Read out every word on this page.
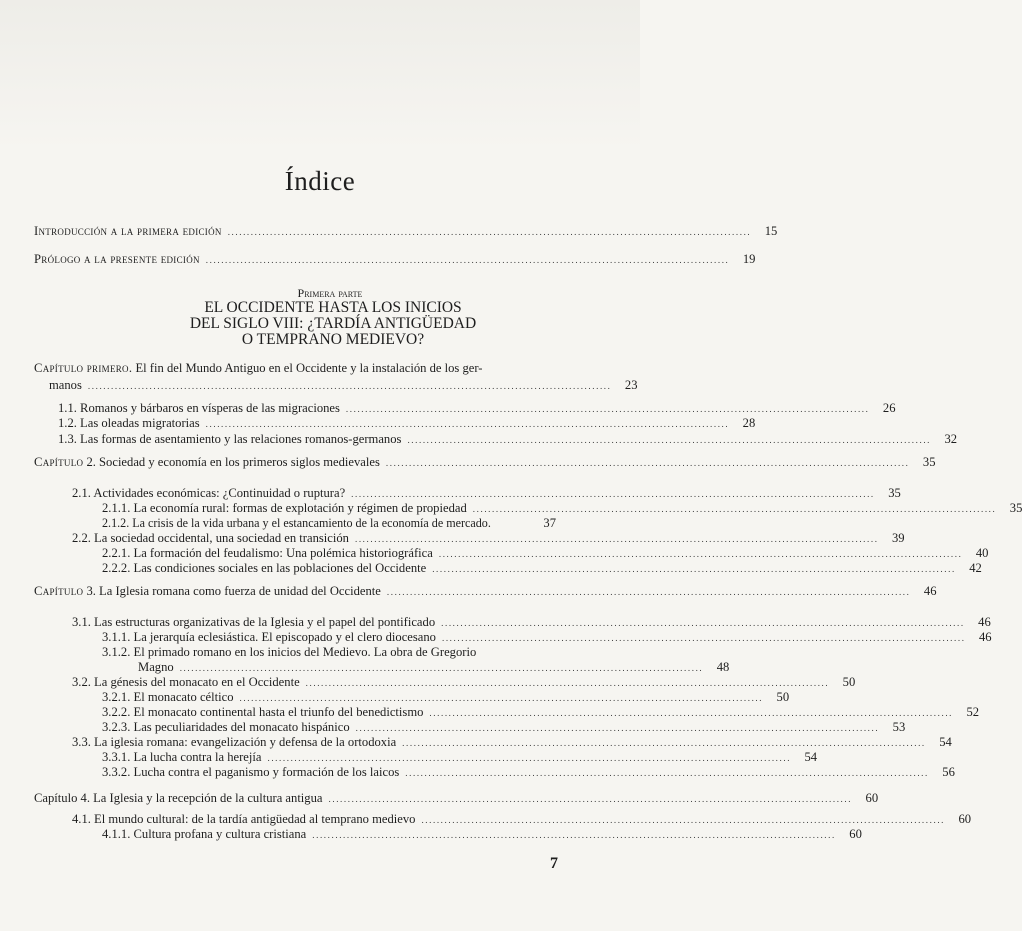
Índice
Introducción a la primera edición ........................................................................................................................................	15
Prólogo a la presente edición ........................................................................................................................................	19
Primera parte
EL OCCIDENTE HASTA LOS INICIOS
DEL SIGLO VIII: ¿TARDÍA ANTIGÜEDAD
O TEMPRANO MEDIEVO?
Capítulo primero. El fin del Mundo Antiguo en el Occidente y la instalación de los ger-
manos ........................................................................................................................................	23
1.1. Romanos y bárbaros en vísperas de las migraciones ........................................................................................................................................	26
1.2. Las oleadas migratorias ........................................................................................................................................	28
1.3. Las formas de asentamiento y las relaciones romanos-germanos ........................................................................................................................................	32
Capítulo 2. Sociedad y economía en los primeros siglos medievales ........................................................................................................................................	35
2.1. Actividades económicas: ¿Continuidad o ruptura? ........................................................................................................................................	35
2.1.1. La economía rural: formas de explotación y régimen de propiedad ........................................................................................................................................	35
2.1.2. La crisis de la vida urbana y el estancamiento de la economía de mercado.	37
2.2. La sociedad occidental, una sociedad en transición ........................................................................................................................................	39
2.2.1. La formación del feudalismo: Una polémica historiográfica ........................................................................................................................................	40
2.2.2. Las condiciones sociales en las poblaciones del Occidente ........................................................................................................................................	42
Capítulo 3. La Iglesia romana como fuerza de unidad del Occidente ........................................................................................................................................	46
3.1. Las estructuras organizativas de la Iglesia y el papel del pontificado ........................................................................................................................................	46
3.1.1. La jerarquía eclesiástica. El episcopado y el clero diocesano ........................................................................................................................................	46
3.1.2. El primado romano en los inicios del Medievo. La obra de Gregorio
Magno ........................................................................................................................................	48
3.2. La génesis del monacato en el Occidente ........................................................................................................................................	50
3.2.1. El monacato céltico ........................................................................................................................................	50
3.2.2. El monacato continental hasta el triunfo del benedictismo ........................................................................................................................................	52
3.2.3. Las peculiaridades del monacato hispánico ........................................................................................................................................	53
3.3. La iglesia romana: evangelización y defensa de la ortodoxia ........................................................................................................................................	54
3.3.1. La lucha contra la herejía ........................................................................................................................................	54
3.3.2. Lucha contra el paganismo y formación de los laicos ........................................................................................................................................	56
Capítulo 4. La Iglesia y la recepción de la cultura antigua ........................................................................................................................................	60
4.1. El mundo cultural: de la tardía antigüedad al temprano medievo ........................................................................................................................................	60
4.1.1. Cultura profana y cultura cristiana ........................................................................................................................................	60
7
